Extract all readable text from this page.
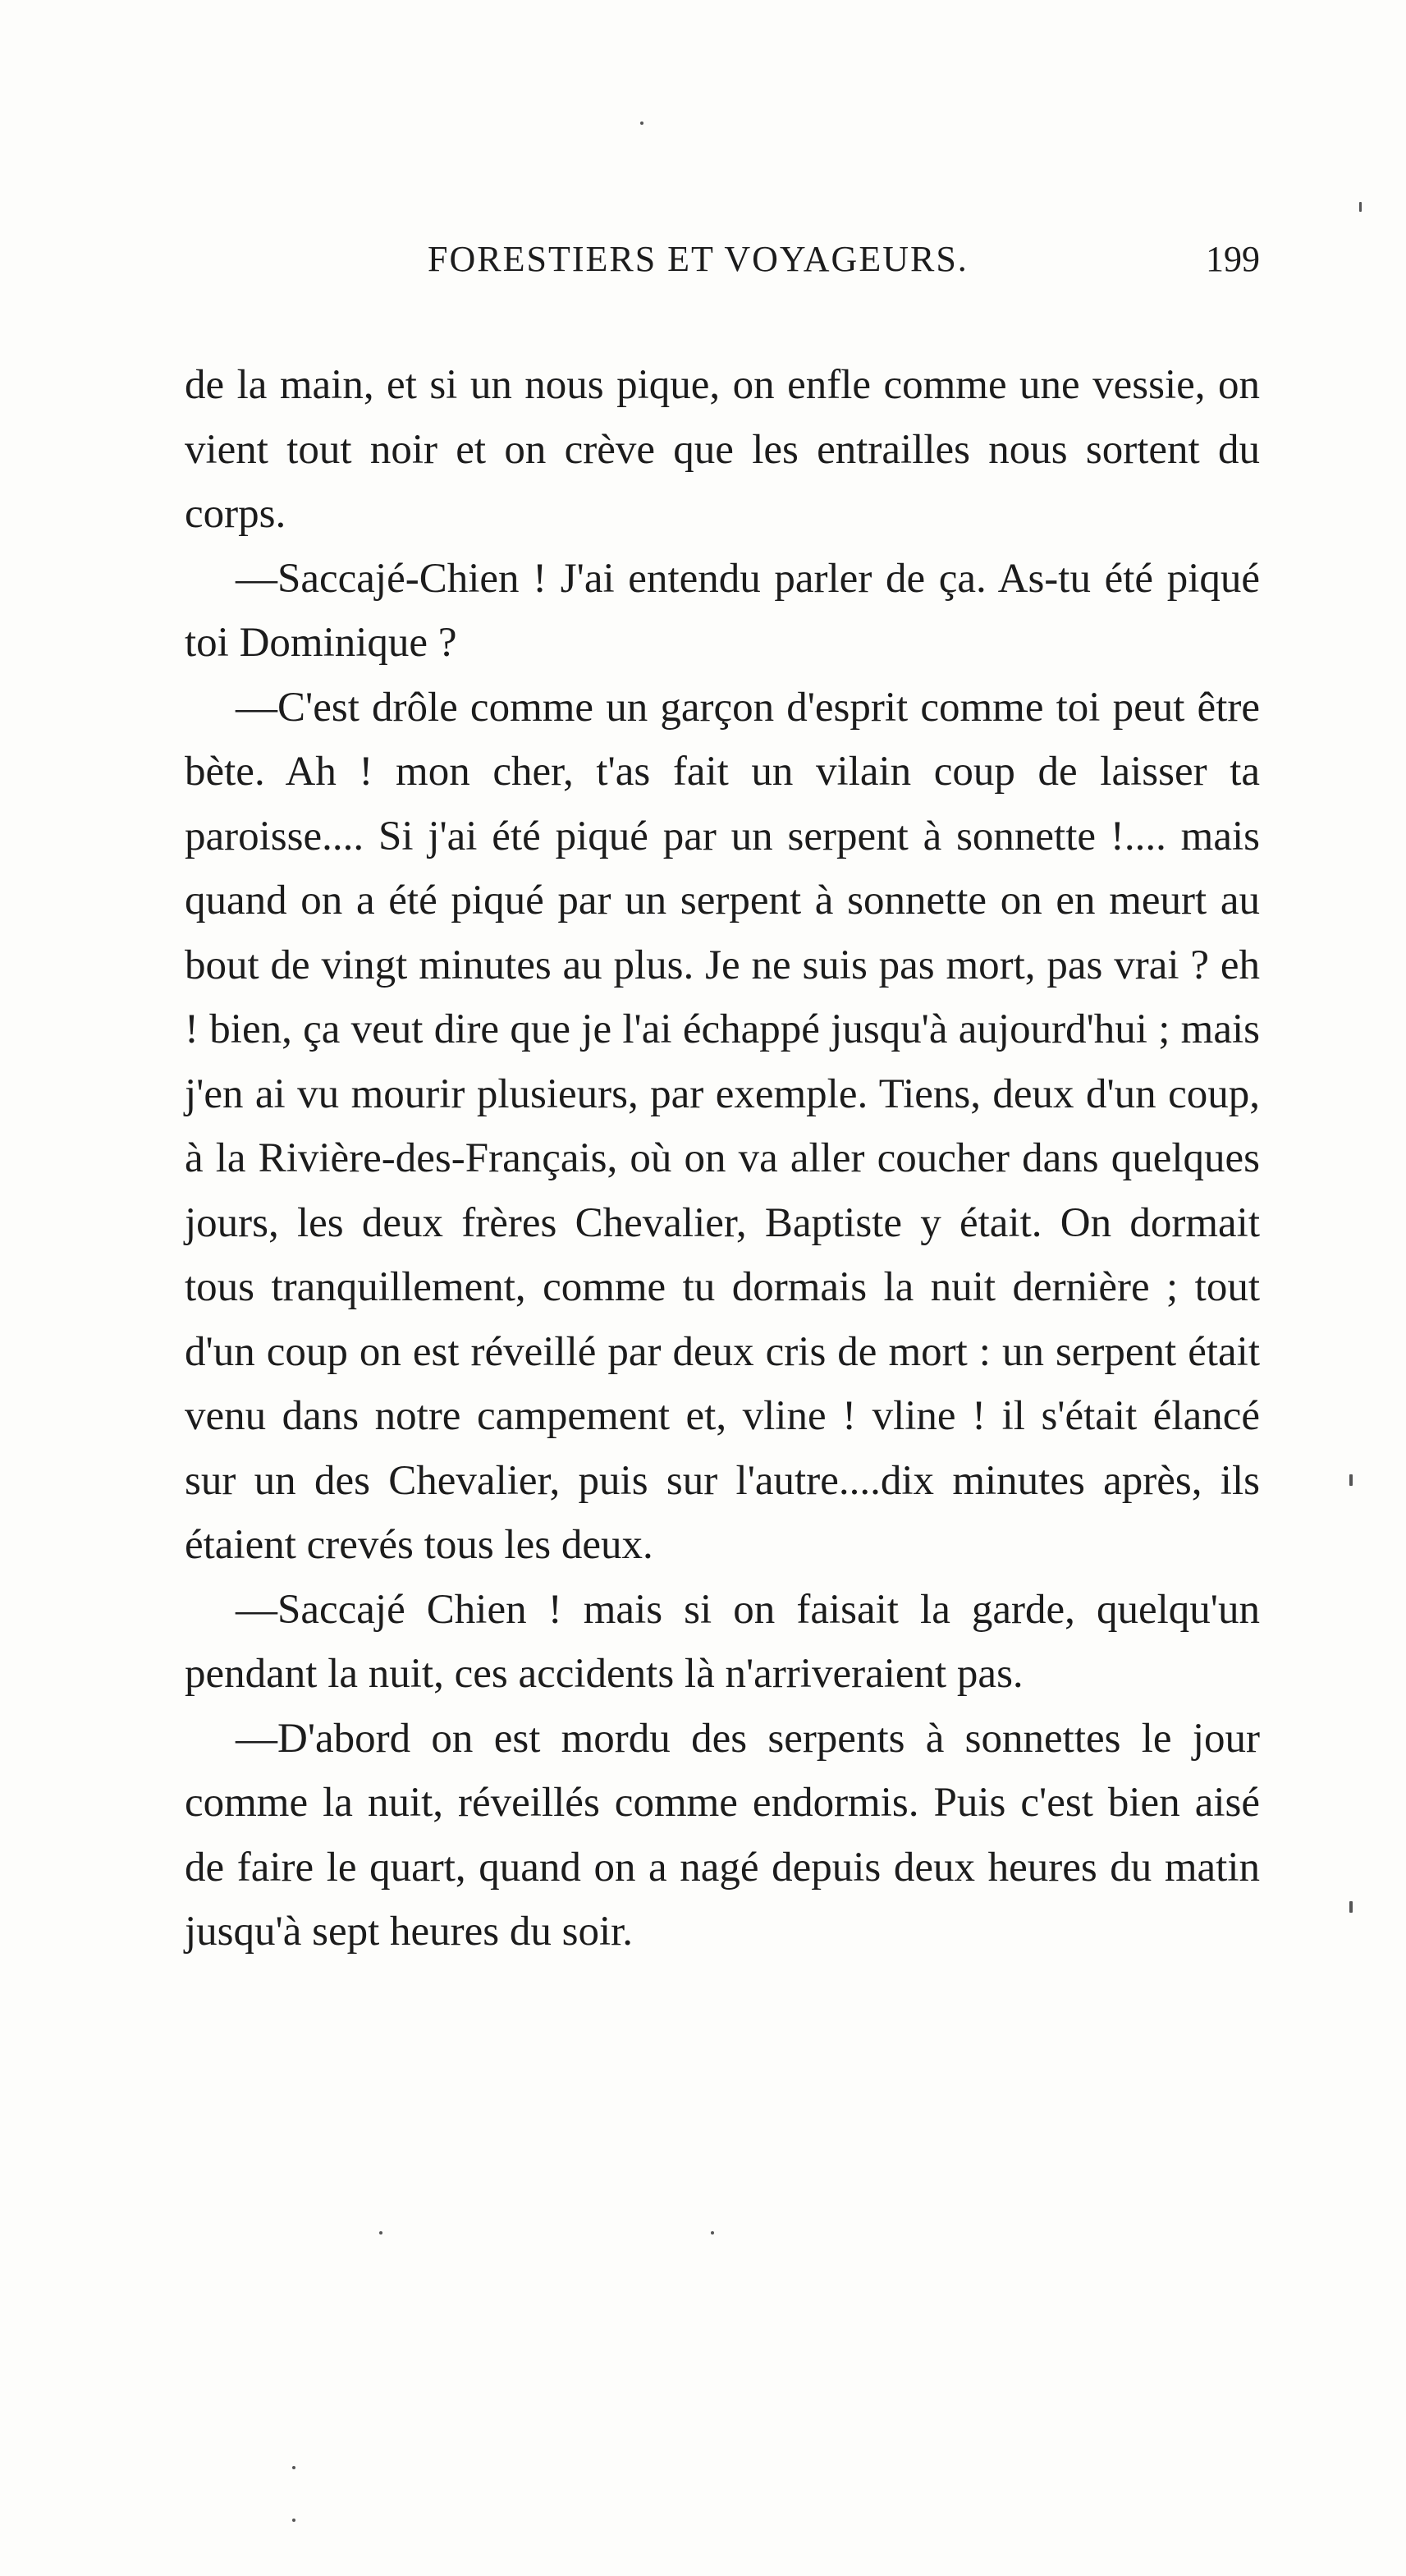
FORESTIERS ET VOYAGEURS.	199

de la main, et si un nous pique, on enfle comme une vessie, on vient tout noir et on crève que les entrailles nous sortent du corps.

—Saccajé-Chien ! J'ai entendu parler de ça. As-tu été piqué toi Dominique ?

—C'est drôle comme un garçon d'esprit comme toi peut être bète. Ah ! mon cher, t'as fait un vilain coup de laisser ta paroisse.... Si j'ai été piqué par un serpent à sonnette !.... mais quand on a été piqué par un serpent à sonnette on en meurt au bout de vingt minutes au plus. Je ne suis pas mort, pas vrai ? eh ! bien, ça veut dire que je l'ai échappé jusqu'à aujourd'hui ; mais j'en ai vu mourir plusieurs, par exemple. Tiens, deux d'un coup, à la Rivière-des-Français, où on va aller coucher dans quelques jours, les deux frères Chevalier, Baptiste y était. On dormait tous tranquillement, comme tu dormais la nuit dernière ; tout d'un coup on est réveillé par deux cris de mort : un serpent était venu dans notre campement et, vline ! vline ! il s'était élancé sur un des Chevalier, puis sur l'autre....dix minutes après, ils étaient crevés tous les deux.

—Saccajé Chien ! mais si on faisait la garde, quelqu'un pendant la nuit, ces accidents là n'arriveraient pas.

—D'abord on est mordu des serpents à sonnettes le jour comme la nuit, réveillés comme endormis. Puis c'est bien aisé de faire le quart, quand on a nagé depuis deux heures du matin jusqu'à sept heures du soir.
